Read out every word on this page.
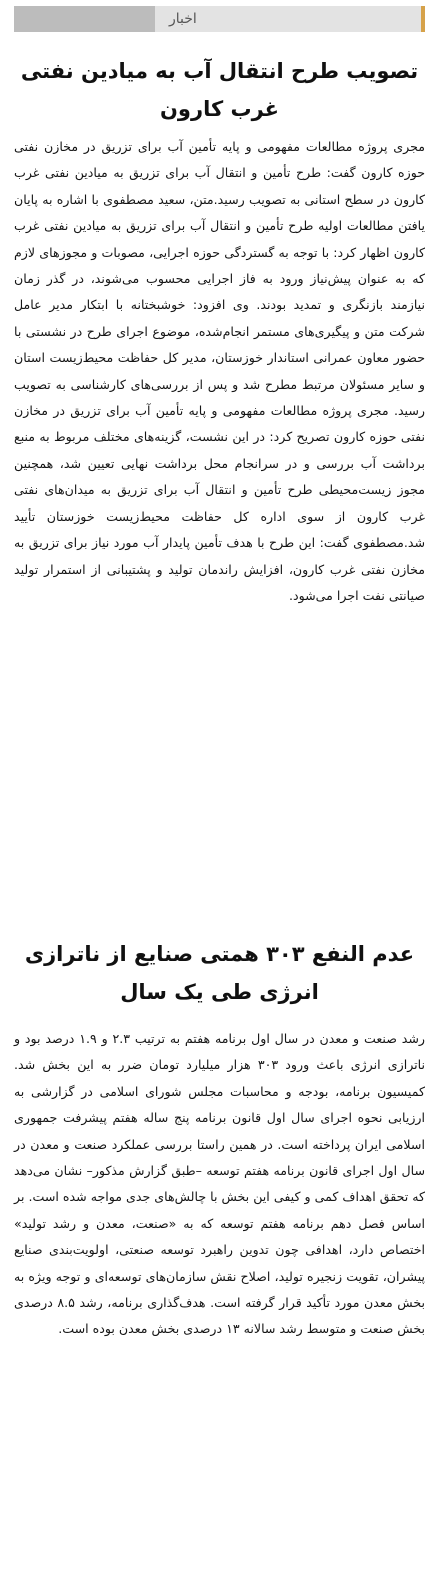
اخبار
تصویب طرح انتقال آب به میادین نفتی غرب کارون

مجری پروژه مطالعات مفهومی و پایه تأمین آب برای تزریق در مخازن نفتی حوزه کارون گفت: طرح تأمین و انتقال آب برای تزریق به میادین نفتی غرب کارون در سطح استانی به تصویب رسید.متن، سعید مصطفوی با اشاره به پایان یافتن مطالعات اولیه طرح تأمین و انتقال آب برای تزریق به میادین نفتی غرب کارون اظهار کرد: با توجه به گستردگی حوزه اجرایی، مصوبات و مجوزهای لازم که به عنوان پیش‌نیاز ورود به فاز اجرایی محسوب می‌شوند، در گذر زمان نیازمند بازنگری و تمدید بودند. وی افزود: خوشبختانه با ابتکار مدیر عامل شرکت متن و پیگیری‌های مستمر انجام‌شده، موضوع اجرای طرح در نشستی با حضور معاون عمرانی استاندار خوزستان، مدیر کل حفاظت محیط‌زیست استان و سایر مسئولان مرتبط مطرح شد و پس از بررسی‌های کارشناسی به تصویب رسید. مجری پروژه مطالعات مفهومی و پایه تأمین آب برای تزریق در مخازن نفتی حوزه کارون تصریح کرد: در این نشست، گزینه‌های مختلف مربوط به منبع برداشت آب بررسی و در سرانجام محل برداشت نهایی تعیین شد، همچنین مجوز زیست‌محیطی طرح تأمین و انتقال آب برای تزریق به میدان‌های نفتی غرب کارون از سوی اداره کل حفاظت محیط‌زیست خوزستان تأیید شد.مصطفوی گفت: این طرح با هدف تأمین پایدار آب مورد نیاز برای تزریق به مخازن نفتی غرب کارون، افزایش راندمان تولید و پشتیبانی از استمرار تولید صیانتی نفت اجرا می‌شود.

عدم النفع ۳۰۳ همتی صنایع از ناترازی انرژی طی یک سال

رشد صنعت و معدن در سال اول برنامه هفتم به ترتیب ۲.۳ و ۱.۹ درصد بود و ناترازی انرژی باعث ورود ۳۰۳ هزار میلیارد تومان ضرر به این بخش شد. کمیسیون برنامه، بودجه و محاسبات مجلس شورای اسلامی در گزارشی به ارزیابی نحوه اجرای سال اول قانون برنامه پنج ساله هفتم پیشرفت جمهوری اسلامی ایران پرداخته است. در همین راستا بررسی عملکرد صنعت و معدن در سال اول اجرای قانون برنامه هفتم توسعه –طبق گزارش مذکور– نشان می‌دهد که تحقق اهداف کمی و کیفی این بخش با چالش‌های جدی مواجه شده است. بر اساس فصل دهم برنامه هفتم توسعه که به «صنعت، معدن و رشد تولید» اختصاص دارد، اهدافی چون تدوین راهبرد توسعه صنعتی، اولویت‌بندی صنایع پیشران، تقویت زنجیره تولید، اصلاح نقش سازمان‌های توسعه‌ای و توجه ویژه به بخش معدن مورد تأکید قرار گرفته است. هدف‌گذاری برنامه، رشد ۸.۵ درصدی بخش صنعت و متوسط رشد سالانه ۱۳ درصدی بخش معدن بوده است.
